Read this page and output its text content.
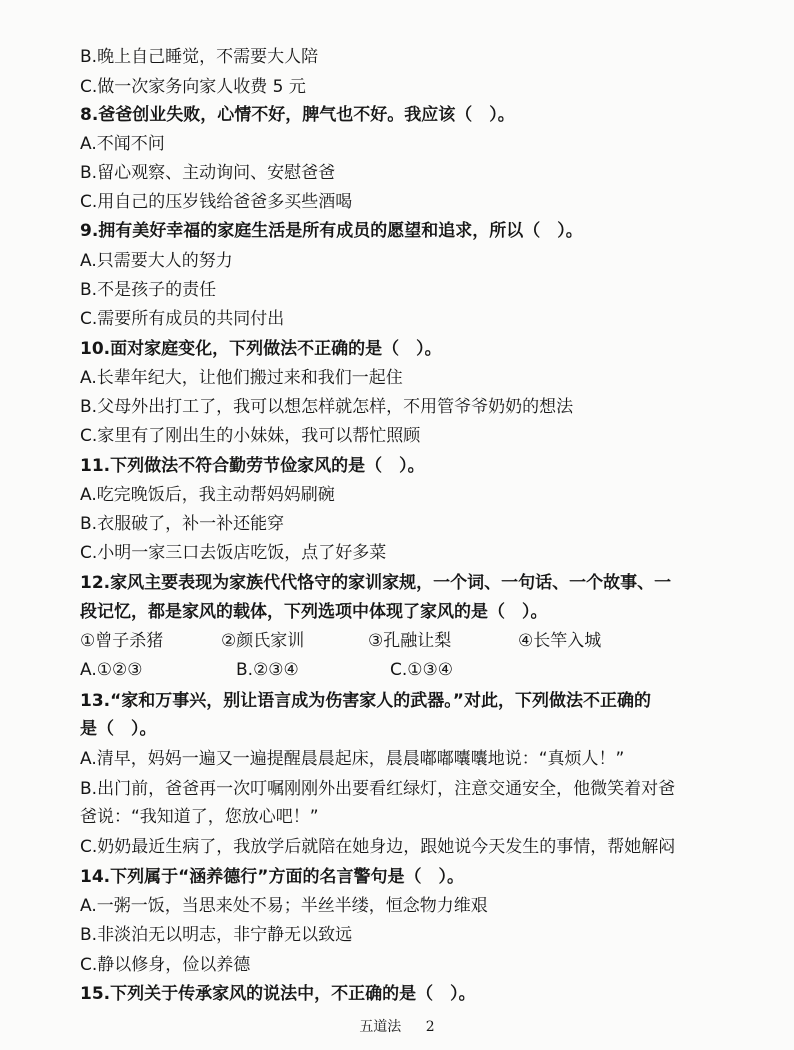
B.晚上自己睡觉，不需要大人陪
C.做一次家务向家人收费 5 元
8.爸爸创业失败，心情不好，脾气也不好。我应该（　）。
A.不闻不问
B.留心观察、主动询问、安慰爸爸
C.用自己的压岁钱给爸爸多买些酒喝
9.拥有美好幸福的家庭生活是所有成员的愿望和追求，所以（　）。
A.只需要大人的努力
B.不是孩子的责任
C.需要所有成员的共同付出
10.面对家庭变化，下列做法不正确的是（　）。
A.长辈年纪大，让他们搬过来和我们一起住
B.父母外出打工了，我可以想怎样就怎样，不用管爷爷奶奶的想法
C.家里有了刚出生的小妹妹，我可以帮忙照顾
11.下列做法不符合勤劳节俭家风的是（　）。
A.吃完晚饭后，我主动帮妈妈刷碗
B.衣服破了，补一补还能穿
C.小明一家三口去饭店吃饭，点了好多菜
12.家风主要表现为家族代代恪守的家训家规，一个词、一句话、一个故事、一
段记忆，都是家风的载体，下列选项中体现了家风的是（　）。
①曾子杀猪	②颜氏家训	③孔融让梨	④长竿入城
A.①②③	B.②③④	C.①③④
13.“家和万事兴，别让语言成为伤害家人的武器。”对此，下列做法不正确的
是（　）。
A.清早，妈妈一遍又一遍提醒晨晨起床，晨晨嘟嘟囔囔地说：“真烦人！”
B.出门前，爸爸再一次叮嘱刚刚外出要看红绿灯，注意交通安全，他微笑着对爸
爸说：“我知道了，您放心吧！”
C.奶奶最近生病了，我放学后就陪在她身边，跟她说今天发生的事情，帮她解闷
14.下列属于“涵养德行”方面的名言警句是（　）。
A.一粥一饭，当思来处不易；半丝半缕，恒念物力维艰
B.非淡泊无以明志，非宁静无以致远
C.静以修身，俭以养德
15.下列关于传承家风的说法中，不正确的是（　）。
五道法 2
